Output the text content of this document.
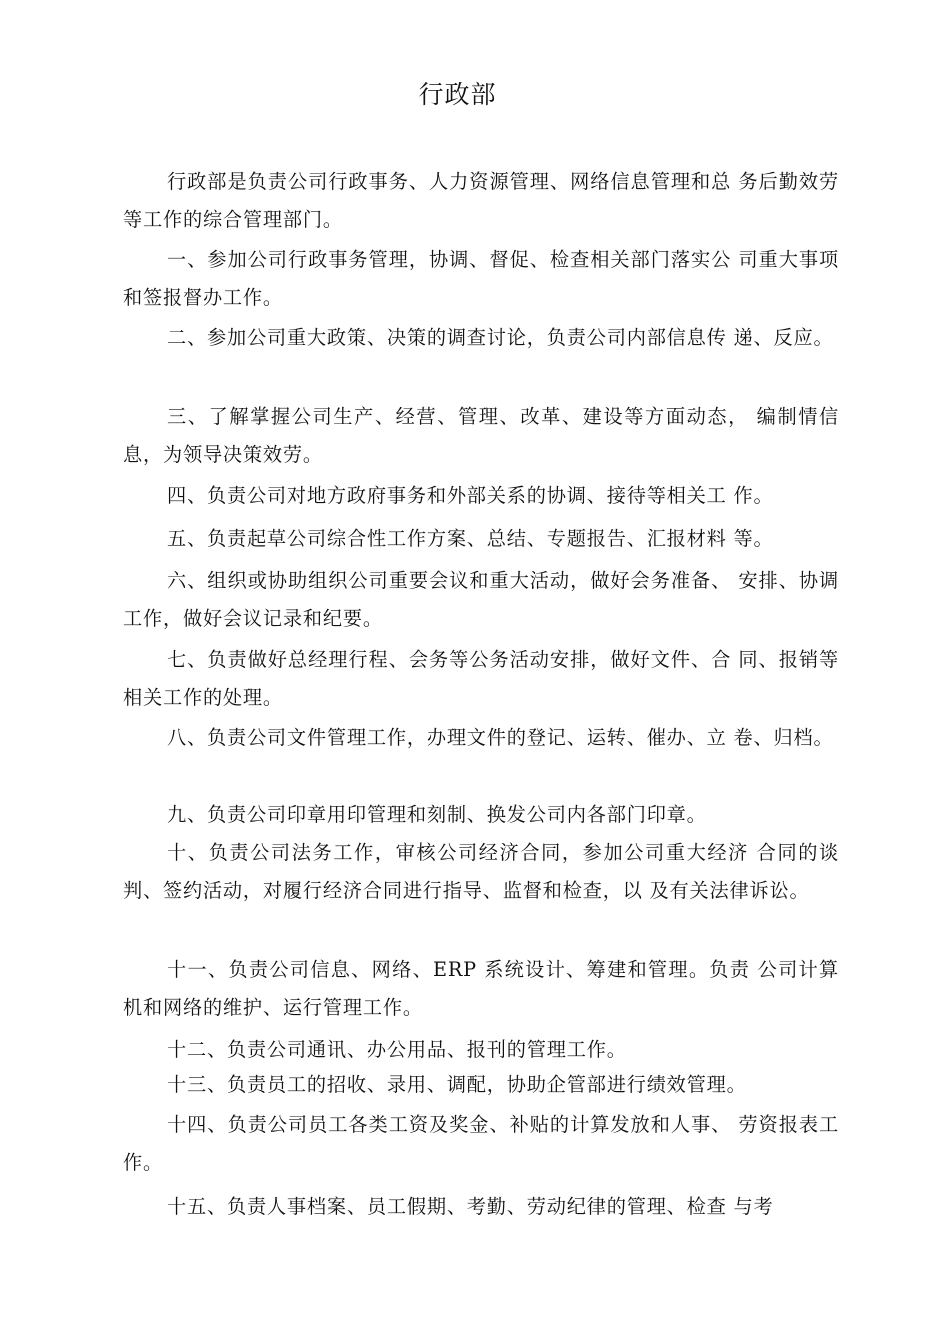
行政部
行政部是负责公司行政事务、人力资源管理、网络信息管理和总 务后勤效劳等工作的综合管理部门。
一、参加公司行政事务管理，协调、督促、检查相关部门落实公 司重大事项和签报督办工作。
二、参加公司重大政策、决策的调查讨论，负责公司内部信息传 递、反应。
三、了解掌握公司生产、经营、管理、改革、建设等方面动态， 编制情信息，为领导决策效劳。
四、负责公司对地方政府事务和外部关系的协调、接待等相关工 作。
五、负责起草公司综合性工作方案、总结、专题报告、汇报材料 等。
六、组织或协助组织公司重要会议和重大活动，做好会务准备、 安排、协调工作，做好会议记录和纪要。
七、负责做好总经理行程、会务等公务活动安排，做好文件、合 同、报销等相关工作的处理。
八、负责公司文件管理工作，办理文件的登记、运转、催办、立 卷、归档。
九、负责公司印章用印管理和刻制、换发公司内各部门印章。
十、负责公司法务工作，审核公司经济合同，参加公司重大经济 合同的谈判、签约活动，对履行经济合同进行指导、监督和检查，以 及有关法律诉讼。
十一、负责公司信息、网络、ERP 系统设计、筹建和管理。负责 公司计算机和网络的维护、运行管理工作。
十二、负责公司通讯、办公用品、报刊的管理工作。
十三、负责员工的招收、录用、调配，协助企管部进行绩效管理。
十四、负责公司员工各类工资及奖金、补贴的计算发放和人事、 劳资报表工作。
十五、负责人事档案、员工假期、考勤、劳动纪律的管理、检查 与考
